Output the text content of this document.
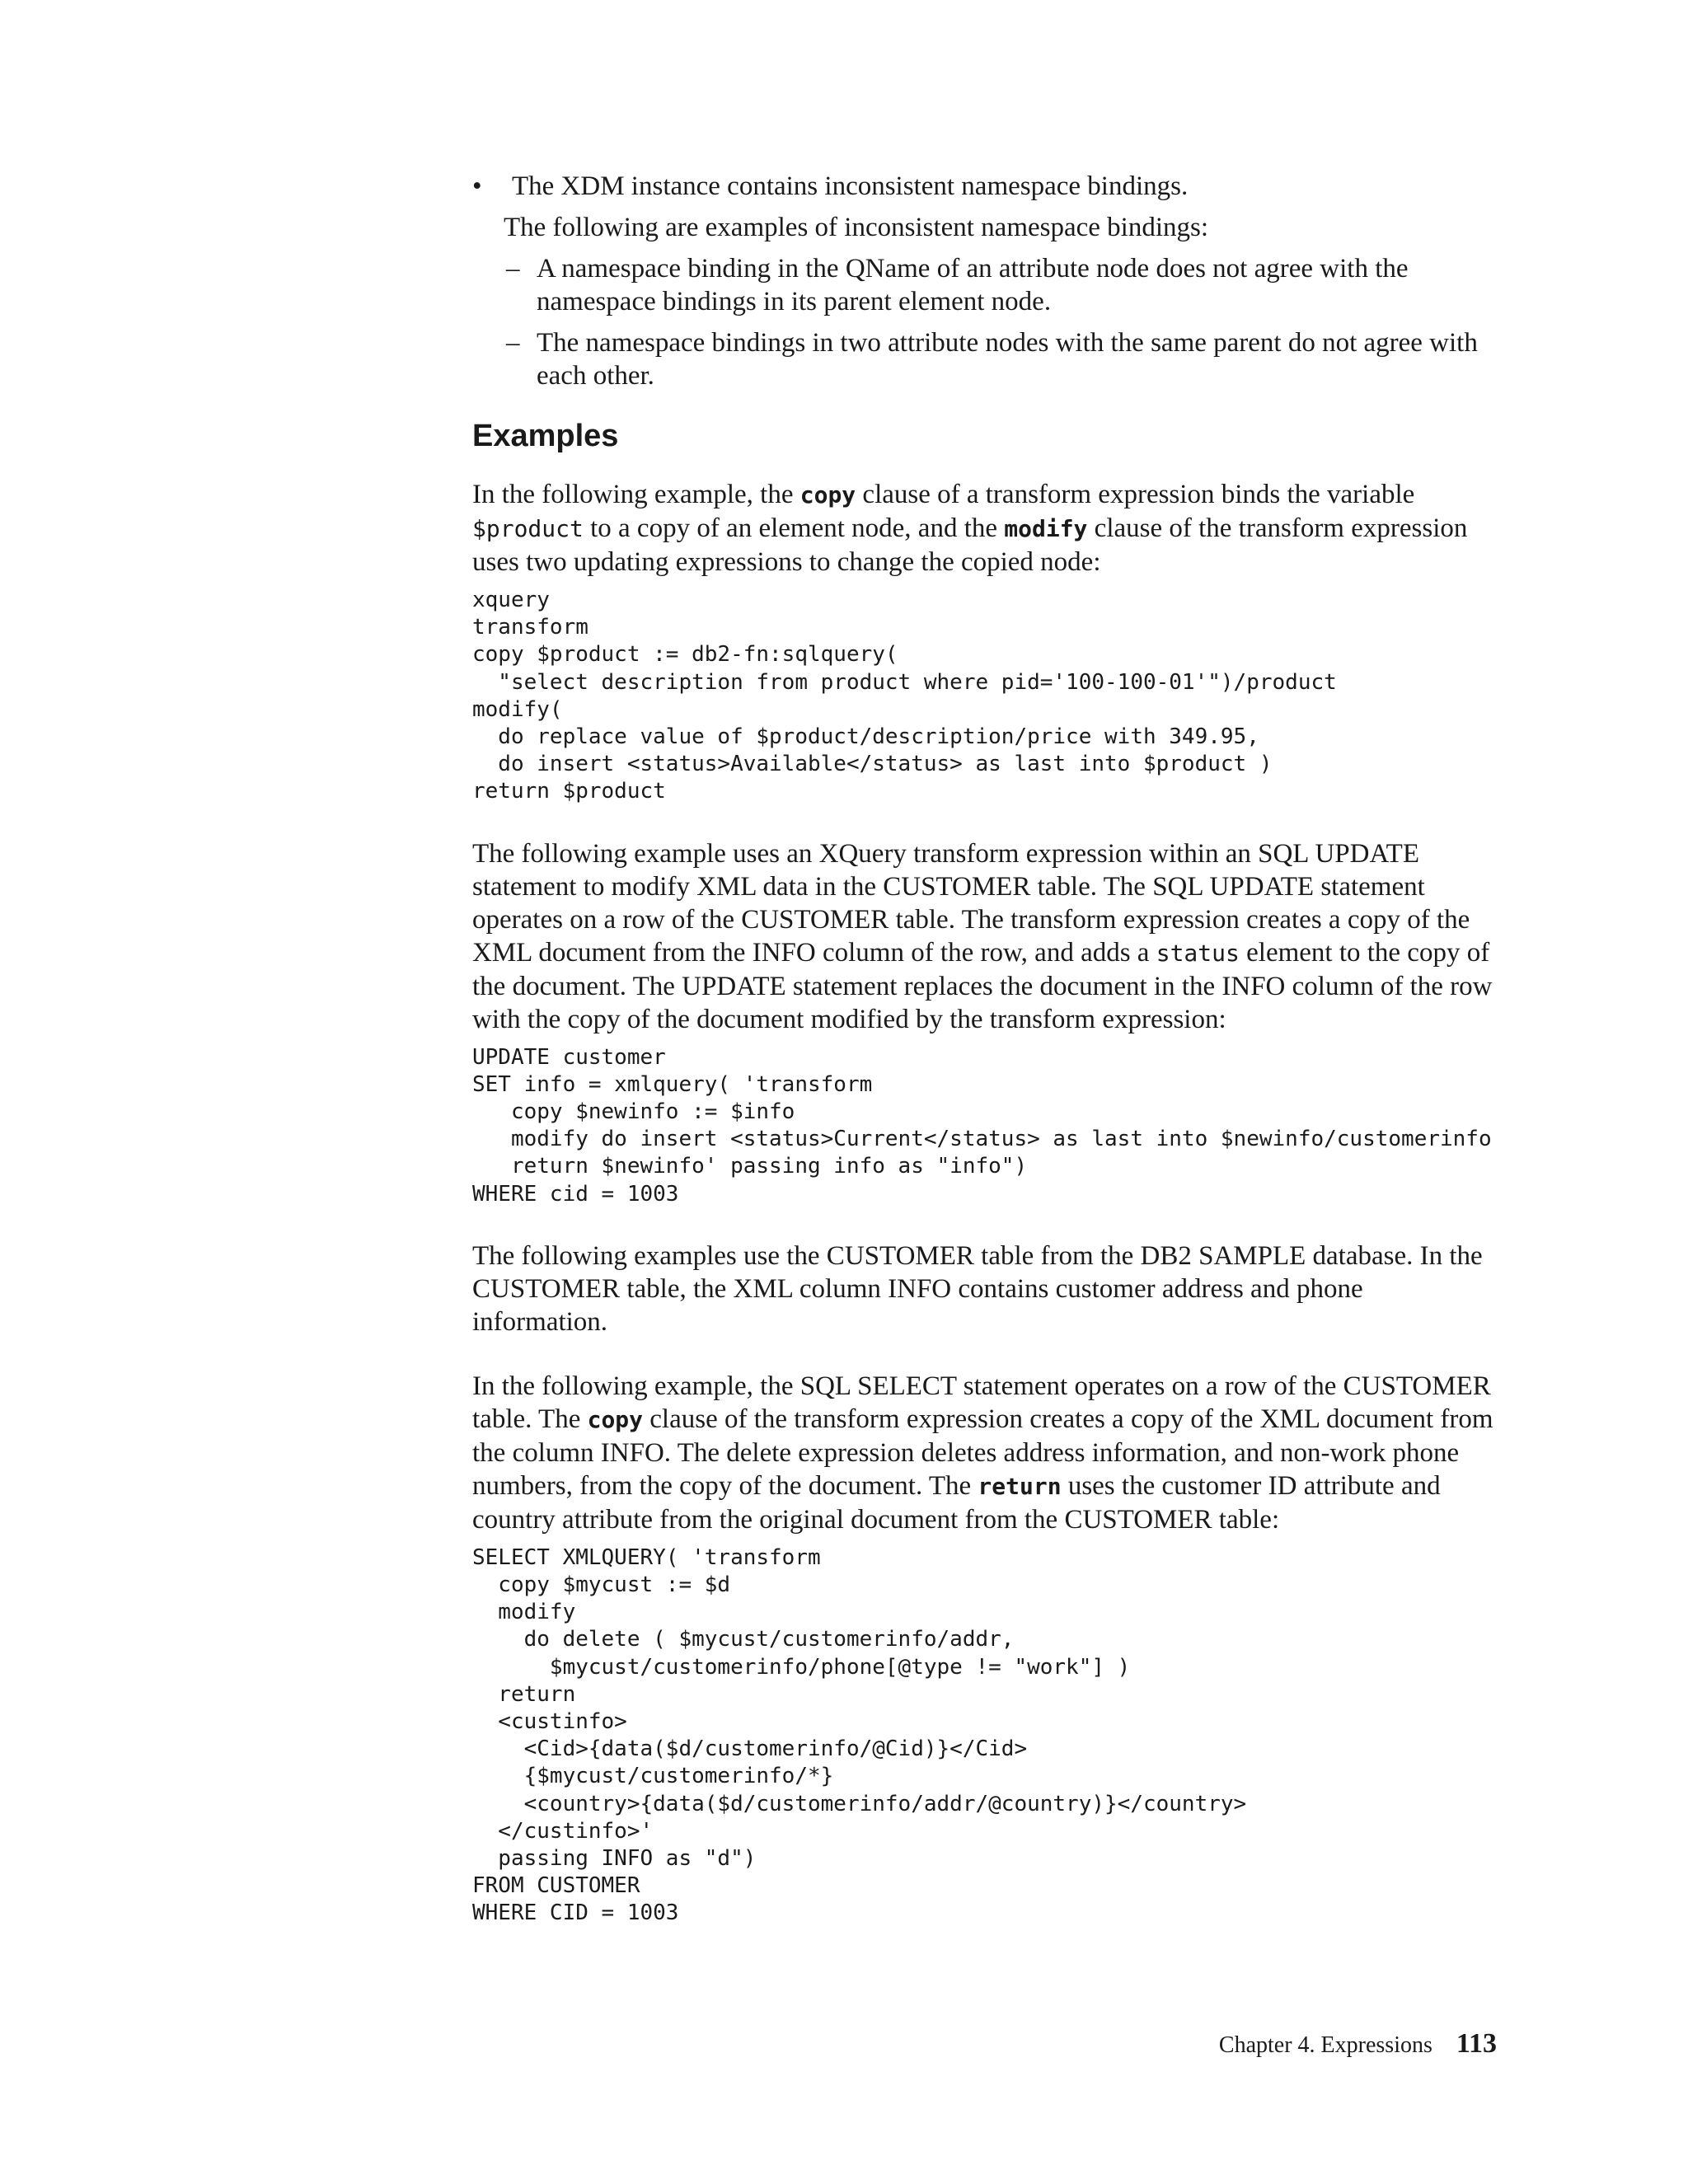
• The XDM instance contains inconsistent namespace bindings.
The following are examples of inconsistent namespace bindings:
– A namespace binding in the QName of an attribute node does not agree with the namespace bindings in its parent element node.
– The namespace bindings in two attribute nodes with the same parent do not agree with each other.
Examples

In the following example, the copy clause of a transform expression binds the variable $product to a copy of an element node, and the modify clause of the transform expression uses two updating expressions to change the copied node:

xquery
transform
copy $product := db2-fn:sqlquery(
"select description from product where pid='100-100-01'")/product
modify(
do replace value of $product/description/price with 349.95,
do insert <status>Available</status> as last into $product )
return $product

The following example uses an XQuery transform expression within an SQL UPDATE statement to modify XML data in the CUSTOMER table. The SQL UPDATE statement operates on a row of the CUSTOMER table. The transform expression creates a copy of the XML document from the INFO column of the row, and adds a status element to the copy of the document. The UPDATE statement replaces the document in the INFO column of the row with the copy of the document modified by the transform expression:

UPDATE customer
SET info = xmlquery( 'transform
copy $newinfo := $info
modify do insert <status>Current</status> as last into $newinfo/customerinfo
return $newinfo' passing info as "info")
WHERE cid = 1003

The following examples use the CUSTOMER table from the DB2 SAMPLE database. In the CUSTOMER table, the XML column INFO contains customer address and phone information.

In the following example, the SQL SELECT statement operates on a row of the CUSTOMER table. The copy clause of the transform expression creates a copy of the XML document from the column INFO. The delete expression deletes address information, and non-work phone numbers, from the copy of the document. The return uses the customer ID attribute and country attribute from the original document from the CUSTOMER table:

SELECT XMLQUERY( 'transform
copy $mycust := $d
modify
do delete ( $mycust/customerinfo/addr,
$mycust/customerinfo/phone[@type != "work"] )
return
<custinfo>
<Cid>{data($d/customerinfo/@Cid)}</Cid>
{$mycust/customerinfo/*}
<country>{data($d/customerinfo/addr/@country)}</country>
</custinfo>'
passing INFO as "d")
FROM CUSTOMER
WHERE CID = 1003
Chapter 4. Expressions 113
